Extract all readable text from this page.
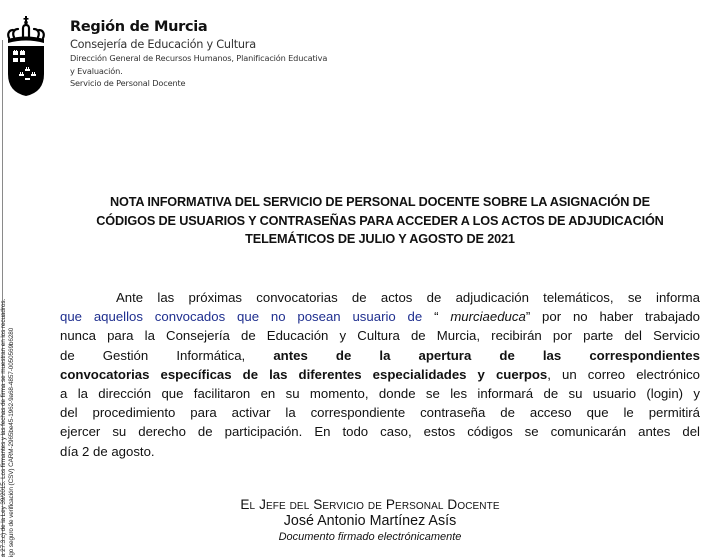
a 27.3.c) de la Ley 39/2015. Los firmantes y las fechas de firma se muestran en los recuadros. igo seguro de verificación (CSV) CARM-2965be45-1962-9a68-4857-0050569b6280
Región de Murcia
Consejería de Educación y Cultura
Dirección General de Recursos Humanos, Planificación Educativa
y Evaluación.
Servicio de Personal Docente
NOTA INFORMATIVA DEL SERVICIO DE PERSONAL DOCENTE SOBRE LA ASIGNACIÓN DE
CÓDIGOS DE USUARIOS Y CONTRASEÑAS PARA ACCEDER A LOS ACTOS DE ADJUDICACIÓN
TELEMÁTICOS DE JULIO Y AGOSTO DE 2021
Ante las próximas convocatorias de actos de adjudicación telemáticos, se informa
que aquellos convocados que no posean usuario de “ murciaeduca” por no haber trabajado
nunca para la Consejería de Educación y Cultura de Murcia, recibirán por parte del Servicio
de Gestión Informática, antes de la apertura de las correspondientes
convocatorias específicas de las diferentes especialidades y cuerpos, un correo electrónico
a la dirección que facilitaron en su momento, donde se les informará de su usuario (login) y
del procedimiento para activar la correspondiente contraseña de acceso que le permitirá
ejercer su derecho de participación. En todo caso, estos códigos se comunicarán antes del
día 2 de agosto.
El Jefe del Servicio de Personal Docente
José Antonio Martínez Asís
Documento firmado electrónicamente
